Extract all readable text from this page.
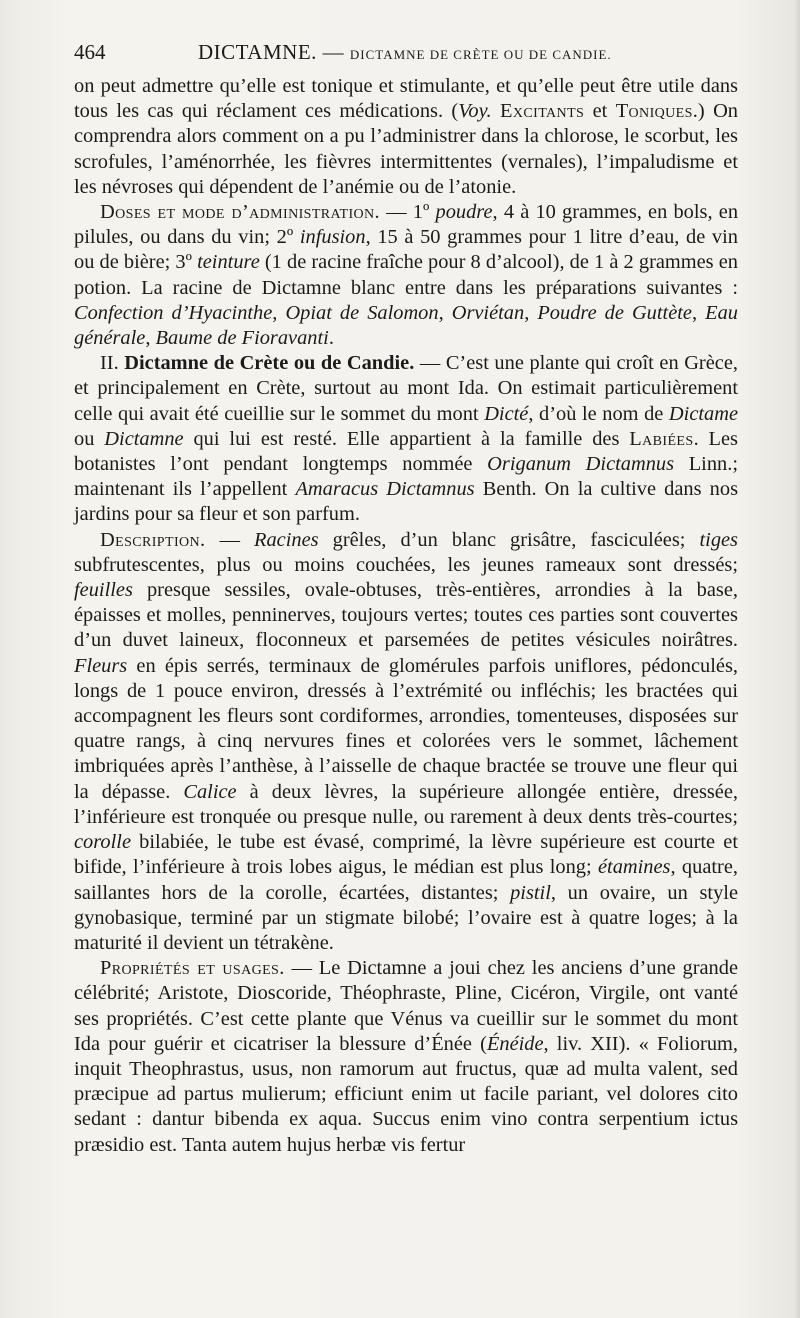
464	DICTAMNE. — DICTAMNE DE CRÈTE OU DE CANDIE.

on peut admettre qu’elle est tonique et stimulante, et qu’elle peut être utile dans tous les cas qui réclament ces médications. (Voy. Excitants et Toniques.) On comprendra alors comment on a pu l’administrer dans la chlorose, le scorbut, les scrofules, l’aménorrhée, les fièvres intermittentes (vernales), l’impaludisme et les névroses qui dépendent de l’anémie ou de l’atonie.

Doses et mode d’administration. — 1º poudre, 4 à 10 grammes, en bols, en pilules, ou dans du vin; 2º infusion, 15 à 50 grammes pour 1 litre d’eau, de vin ou de bière; 3º teinture (1 de racine fraîche pour 8 d’alcool), de 1 à 2 grammes en potion. La racine de Dictamne blanc entre dans les préparations suivantes : Confection d’Hyacinthe, Opiat de Salomon, Orviétan, Poudre de Guttète, Eau générale, Baume de Fioravanti.

II. Dictamne de Crète ou de Candie. — C’est une plante qui croît en Grèce, et principalement en Crète, surtout au mont Ida. On estimait particulièrement celle qui avait été cueillie sur le sommet du mont Dicté, d’où le nom de Dictame ou Dictamne qui lui est resté. Elle appartient à la famille des Labiées. Les botanistes l’ont pendant longtemps nommée Origanum Dictamnus Linn.; maintenant ils l’appellent Amaracus Dictamnus Benth. On la cultive dans nos jardins pour sa fleur et son parfum.

Description. — Racines grêles, d’un blanc grisâtre, fasciculées; tiges subfrutescentes, plus ou moins couchées, les jeunes rameaux sont dressés; feuilles presque sessiles, ovale-obtuses, très-entières, arrondies à la base, épaisses et molles, penninerves, toujours vertes; toutes ces parties sont couvertes d’un duvet laineux, floconneux et parsemées de petites vésicules noirâtres. Fleurs en épis serrés, terminaux de glomérules parfois uniflores, pédonculés, longs de 1 pouce environ, dressés à l’extrémité ou infléchis; les bractées qui accompagnent les fleurs sont cordiformes, arrondies, tomenteuses, disposées sur quatre rangs, à cinq nervures fines et colorées vers le sommet, lâchement imbriquées après l’anthèse, à l’aisselle de chaque bractée se trouve une fleur qui la dépasse. Calice à deux lèvres, la supérieure allongée entière, dressée, l’inférieure est tronquée ou presque nulle, ou rarement à deux dents très-courtes; corolle bilabiée, le tube est évasé, comprimé, la lèvre supérieure est courte et bifide, l’inférieure à trois lobes aigus, le médian est plus long; étamines, quatre, saillantes hors de la corolle, écartées, distantes; pistil, un ovaire, un style gynobasique, terminé par un stigmate bilobé; l’ovaire est à quatre loges; à la maturité il devient un tétrakène.

Propriétés et usages. — Le Dictamne a joui chez les anciens d’une grande célébrité; Aristote, Dioscoride, Théophraste, Pline, Cicéron, Virgile, ont vanté ses propriétés. C’est cette plante que Vénus va cueillir sur le sommet du mont Ida pour guérir et cicatriser la blessure d’Énée (Énéide, liv. XII). « Foliorum, inquit Theophrastus, usus, non ramorum aut fructus, quæ ad multa valent, sed præcipue ad partus mulierum; efficiunt enim ut facile pariant, vel dolores cito sedant : dantur bibenda ex aqua. Succus enim vino contra serpentium ictus præsidio est. Tanta autem hujus herbæ vis fertur
